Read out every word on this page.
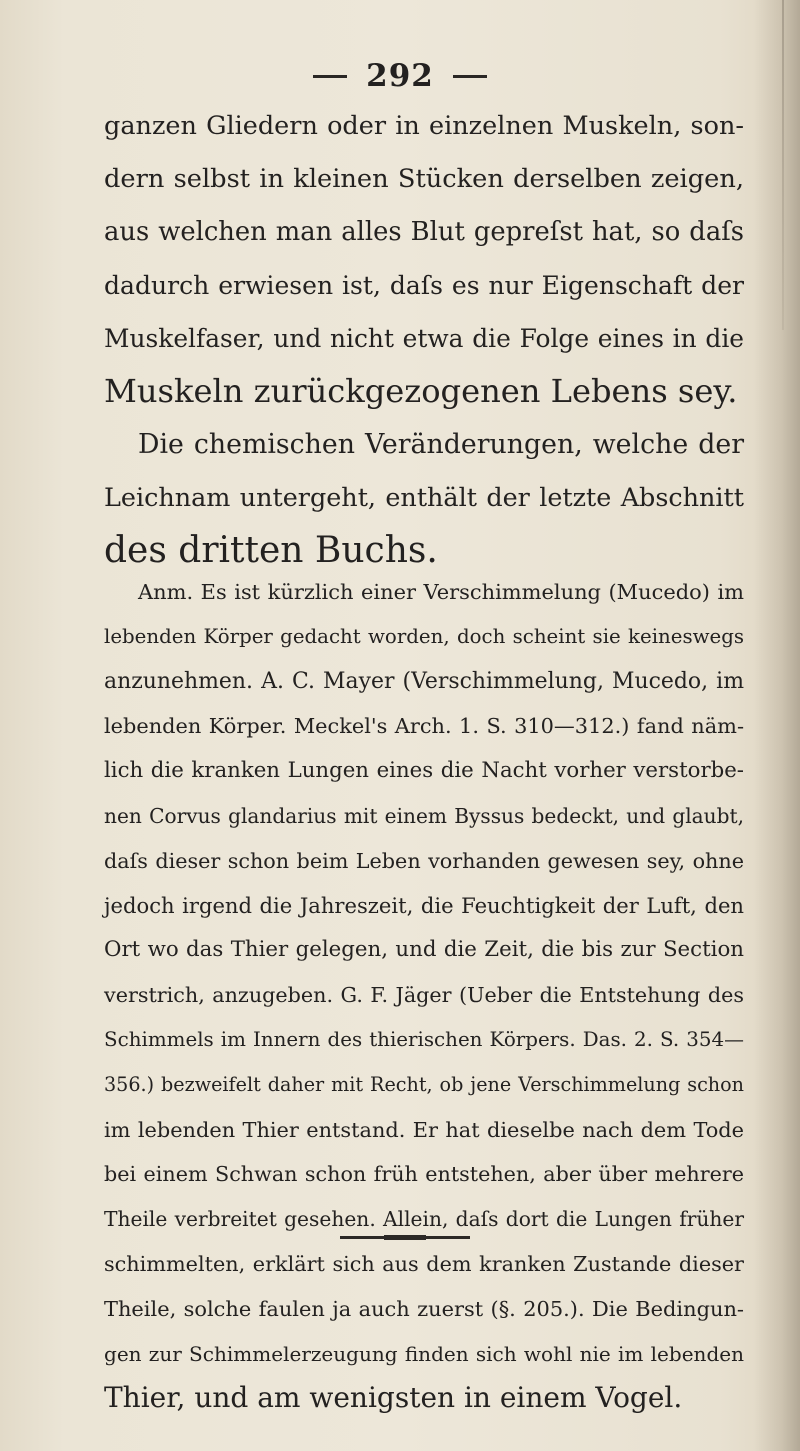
292
ganzen Gliedern oder in einzelnen Muskeln, son-
dern selbst in kleinen Stücken derselben zeigen,
aus welchen man alles Blut gepreſst hat, so daſs
dadurch erwiesen ist, daſs es nur Eigenschaft der
Muskelfaser, und nicht etwa die Folge eines in die
Muskeln zurückgezogenen Lebens sey.
Die chemischen Veränderungen, welche der
Leichnam untergeht, enthält der letzte Abschnitt
des dritten Buchs.
Anm. Es ist kürzlich einer Verschimmelung (Mucedo) im
lebenden Körper gedacht worden, doch scheint sie keineswegs
anzunehmen. A. C. Mayer (Verschimmelung, Mucedo, im
lebenden Körper. Meckel's Arch. 1. S. 310—312.) fand näm-
lich die kranken Lungen eines die Nacht vorher verstorbe-
nen Corvus glandarius mit einem Byssus bedeckt, und glaubt,
daſs dieser schon beim Leben vorhanden gewesen sey, ohne
jedoch irgend die Jahreszeit, die Feuchtigkeit der Luft, den
Ort wo das Thier gelegen, und die Zeit, die bis zur Section
verstrich, anzugeben. G. F. Jäger (Ueber die Entstehung des
Schimmels im Innern des thierischen Körpers. Das. 2. S. 354—
356.) bezweifelt daher mit Recht, ob jene Verschimmelung schon
im lebenden Thier entstand. Er hat dieselbe nach dem Tode
bei einem Schwan schon früh entstehen, aber über mehrere
Theile verbreitet gesehen. Allein, daſs dort die Lungen früher
schimmelten, erklärt sich aus dem kranken Zustande dieser
Theile, solche faulen ja auch zuerst (§. 205.). Die Bedingun-
gen zur Schimmelerzeugung finden sich wohl nie im lebenden
Thier, und am wenigsten in einem Vogel.
